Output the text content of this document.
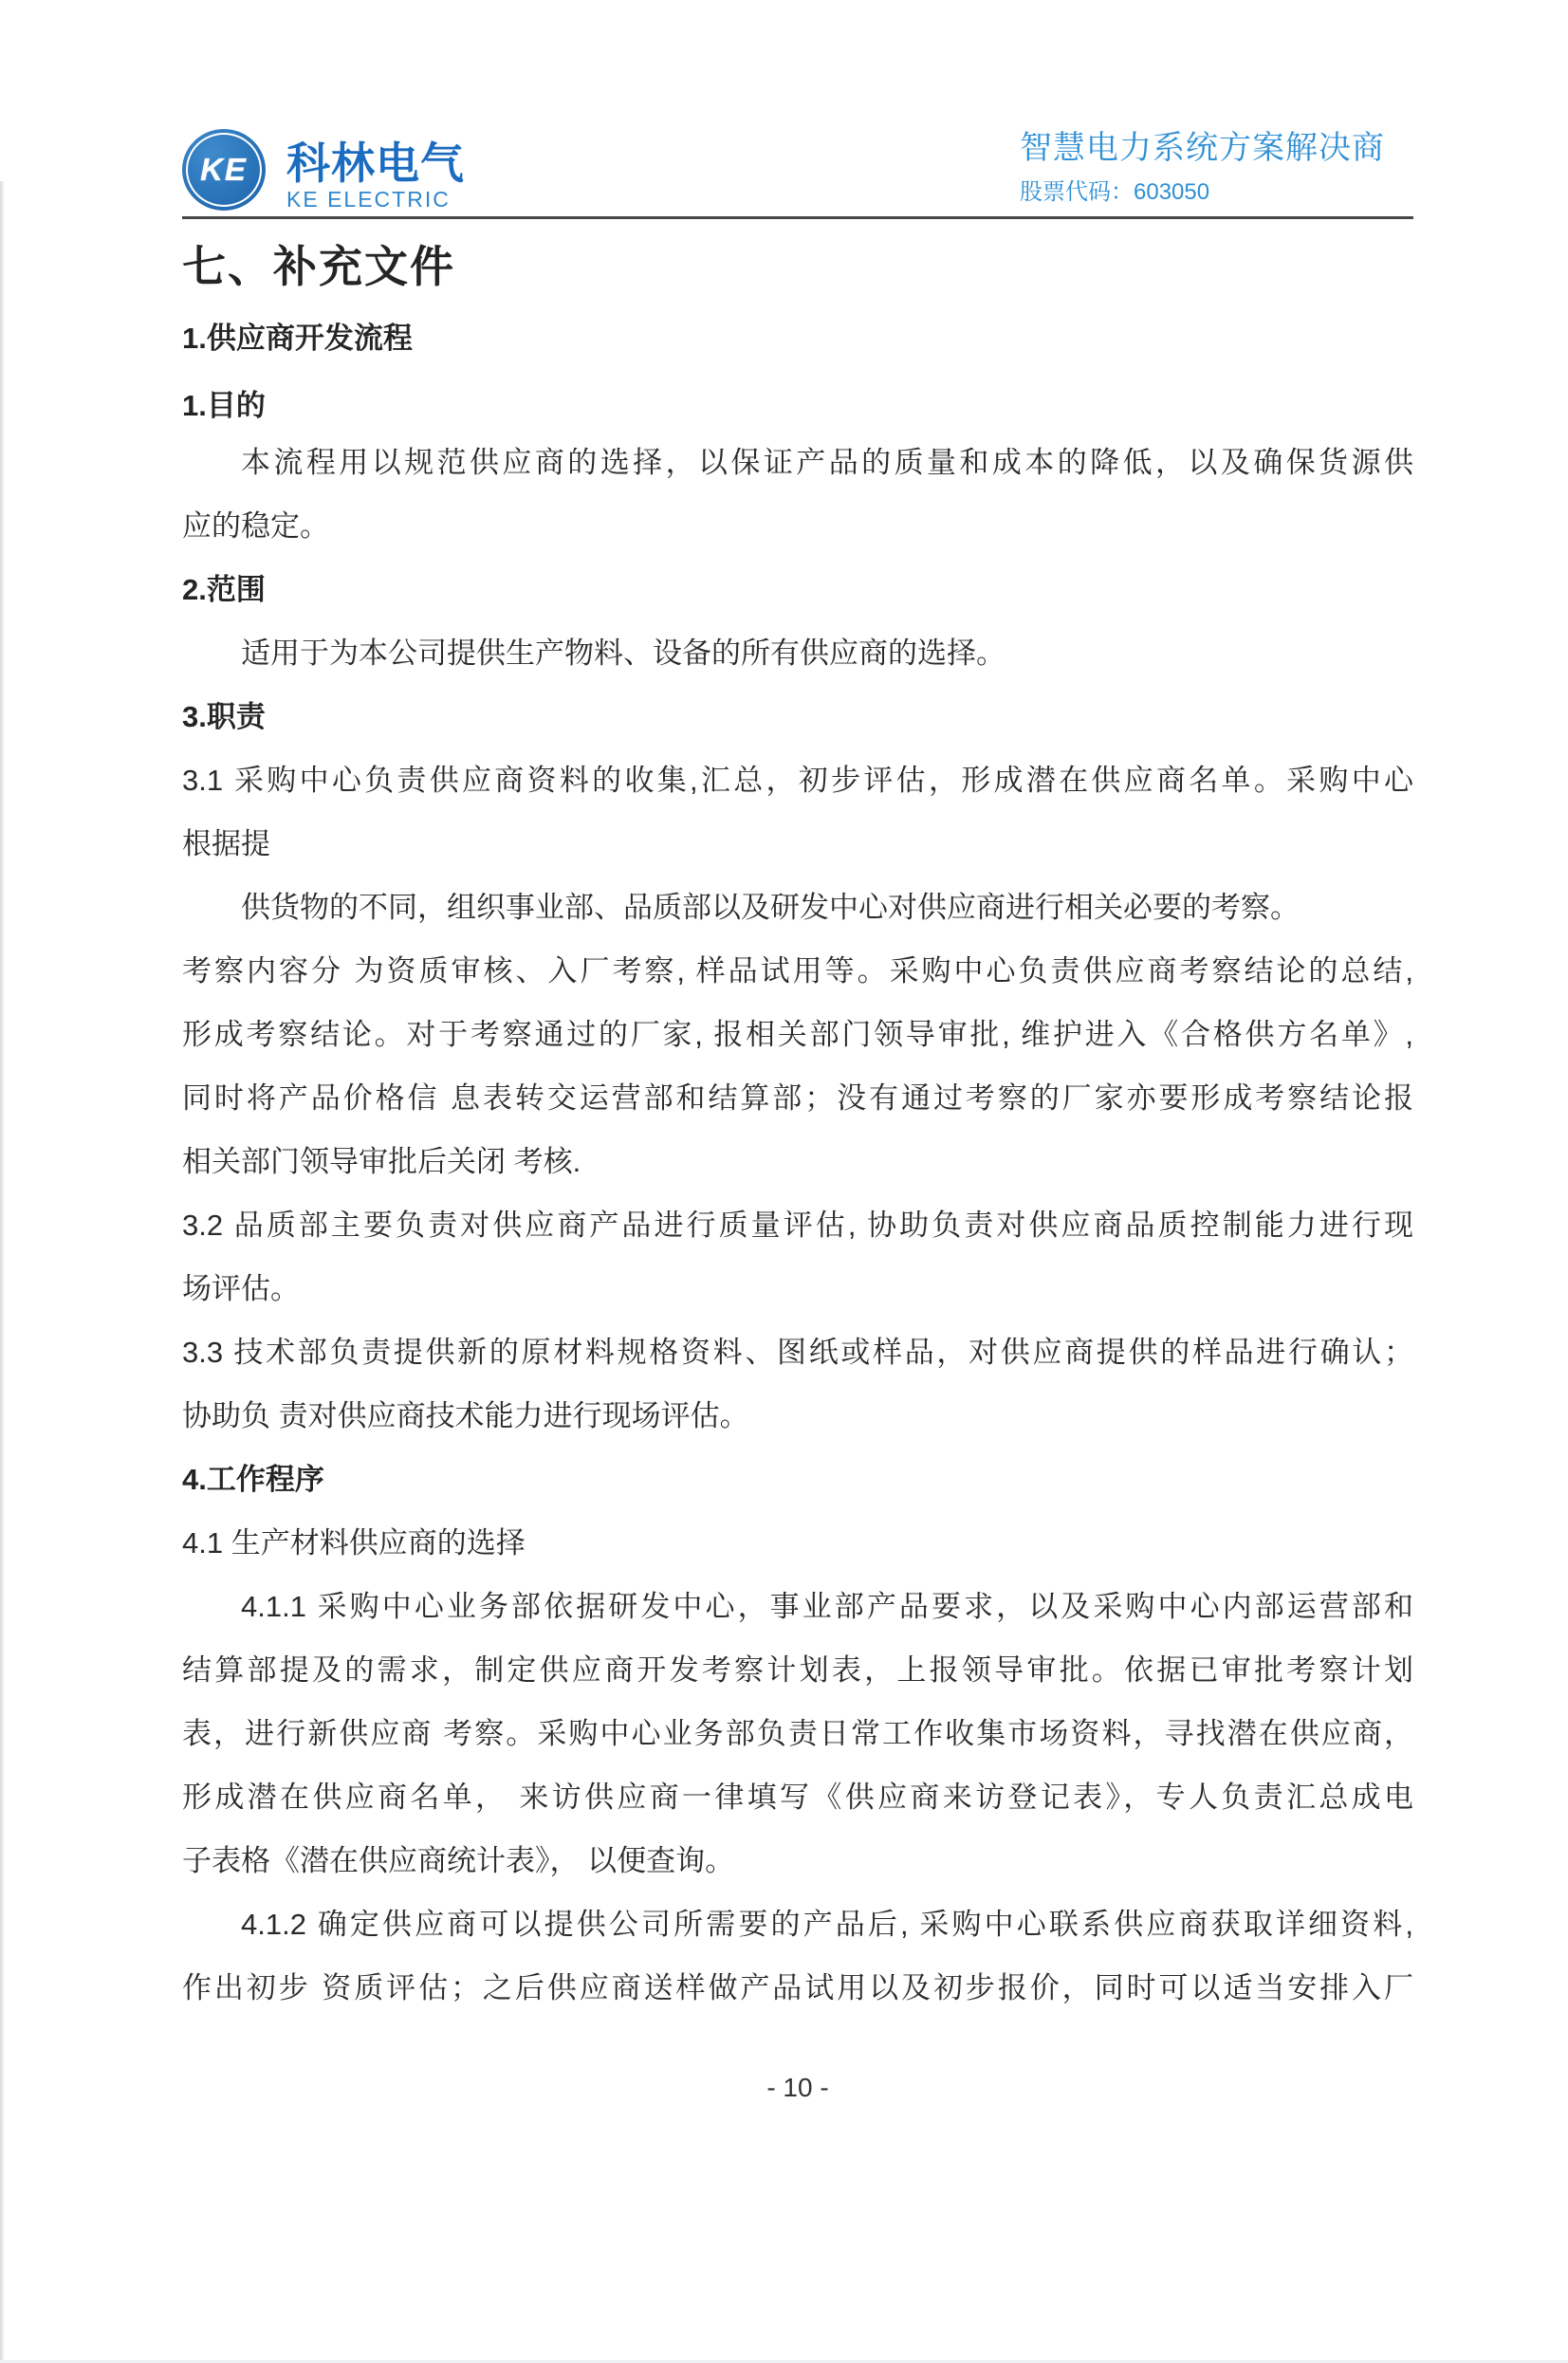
KE 科林电气
KE ELECTRIC
智慧电力系统方案解决商
股票代码：603050
七、补充文件
1.供应商开发流程
1.目的
本流程用以规范供应商的选择，以保证产品的质量和成本的降低，以及确保货源供
应的稳定。
2.范围
适用于为本公司提供生产物料、设备的所有供应商的选择。
3.职责
3.1 采购中心负责供应商资料的收集,汇总，初步评估，形成潜在供应商名单。采购中心
根据提
供货物的不同，组织事业部、品质部以及研发中心对供应商进行相关必要的考察。
考察内容分 为资质审核、入厂考察, 样品试用等。采购中心负责供应商考察结论的总结,
形成考察结论。对于考察通过的厂家, 报相关部门领导审批, 维护进入《合格供方名单》,
同时将产品价格信 息表转交运营部和结算部；没有通过考察的厂家亦要形成考察结论报
相关部门领导审批后关闭 考核.
3.2 品质部主要负责对供应商产品进行质量评估, 协助负责对供应商品质控制能力进行现
场评估。
3.3 技术部负责提供新的原材料规格资料、图纸或样品，对供应商提供的样品进行确认；
协助负 责对供应商技术能力进行现场评估。
4.工作程序
4.1 生产材料供应商的选择
4.1.1 采购中心业务部依据研发中心，事业部产品要求，以及采购中心内部运营部和
结算部提及的需求，制定供应商开发考察计划表，上报领导审批。依据已审批考察计划
表，进行新供应商 考察。采购中心业务部负责日常工作收集市场资料，寻找潜在供应商，
形成潜在供应商名单， 来访供应商一律填写《供应商来访登记表》，专人负责汇总成电
子表格《潜在供应商统计表》， 以便查询。
4.1.2 确定供应商可以提供公司所需要的产品后, 采购中心联系供应商获取详细资料,
作出初步 资质评估；之后供应商送样做产品试用以及初步报价，同时可以适当安排入厂
- 10 -
